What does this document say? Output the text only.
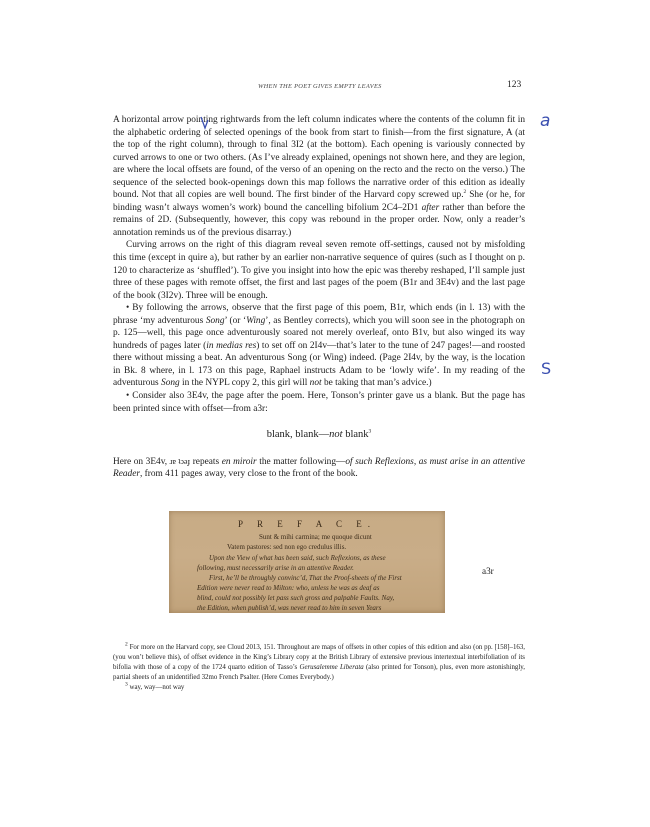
WHEN THE POET GIVES EMPTY LEAVES	123

A horizontal arrow pointing rightwards from the left column indicates where the contents of the column fit in the alphabetic ordering of selected openings of the book from start to finish—from the first signature, A (at the top of the right column), through to final 3I2 (at the bottom). Each opening is variously connected by curved arrows to one or two others. (As I’ve already explained, openings not shown here, and they are legion, are where the local offsets are found, of the verso of an opening on the recto and the recto on the verso.) The sequence of the selected book-openings down this map follows the narrative order of this edition as ideally bound. Not that all copies are well bound. The first binder of the Harvard copy screwed up.$^2$ She (or he, for binding wasn’t always women’s work) bound the cancelling bifolium 2C4–2D1 after rather than before the remains of 2D. (Subsequently, however, this copy was rebound in the proper order. Now, only a reader’s annotation reminds us of the previous disarray.)

Curving arrows on the right of this diagram reveal seven remote off-settings, caused not by misfolding this time (except in quire a), but rather by an earlier non-narrative sequence of quires (such as I thought on p. 120 to characterize as ‘shuffled’). To give you insight into how the epic was thereby reshaped, I’ll sample just three of these pages with remote offset, the first and last pages of the poem (B1r and 3E4v) and the last page of the book (3I2v). Three will be enough.

• By following the arrows, observe that the first page of this poem, B1r, which ends (in l. 13) with the phrase ‘my adventurous Song’ (or ‘Wing’, as Bentley corrects), which you will soon see in the photograph on p. 125—well, this page once adventurously soared not merely overleaf, onto B1v, but also winged its way hundreds of pages later (in medias res) to set off on 2I4v—that’s later to the tune of 247 pages!—and roosted there without missing a beat. An adventurous Song (or Wing) indeed. (Page 2I4v, by the way, is the location in Bk. 8 where, in l. 173 on this page, Raphael instructs Adam to be ‘lowly wife’. In my reading of the adventurous Song in the NYPL copy 2, this girl will not be taking that man’s advice.)

• Consider also 3E4v, the page after the poem. Here, Tonson’s printer gave us a blank. But the page has been printed since with offset—from a3r:

blank, blank—not blank$^3$

Here on 3E4v, ɹɐ ʇɔǝɟ repeats en miroir the matter following—of such Reflexions, as must arise in an attentive Reader, from 411 pages away, very close to the front of the book.

P R E F A C E.
Sunt & mihi carmina; me quoque dicunt
Vatem pastores: sed non ego credulus illis.
Upon the View of what has been said, such Reflexions, as these
following, must necessarily arise in an attentive Reader.
First, he’ll be throughly convinc’d, That the Proof-sheets of the First
Edition were never read to Milton: who, unless he was as deaf as
blind, could not possibly let pass such gross and palpable Faults. Nay,
the Edition, when publish’d, was never read to him in seven Years
a3r

$^2$ For more on the Harvard copy, see Cloud 2013, 151. Throughout are maps of offsets in other copies of this edition and also (on pp. [158]–163, (you won’t believe this), of offset evidence in the King’s Library copy at the British Library of extensive previous intertextual interbifoliation of its bifolia with those of a copy of the 1724 quarto edition of Tasso’s Gerusalemme Liberata (also printed for Tonson), plus, even more astonishingly, partial sheets of an unidentified 32mo French Psalter. (Here Comes Everybody.)

$^3$ way, way—not way

a
S
